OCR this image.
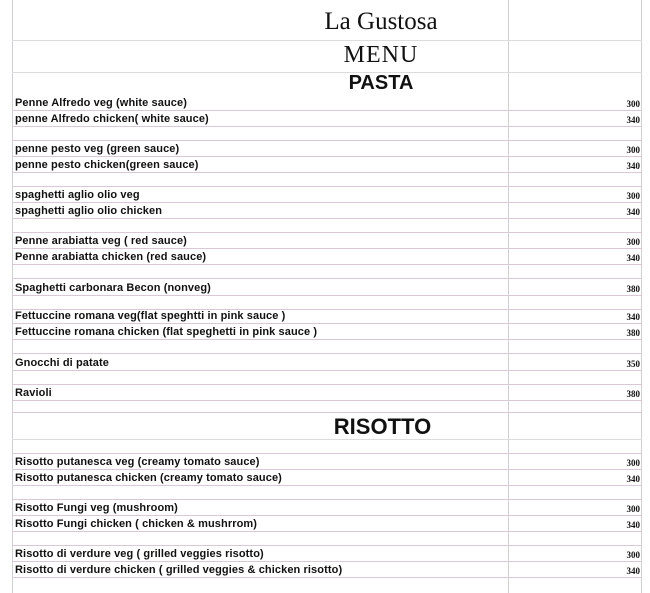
La Gustosa
MENU
PASTA
Penne Alfredo veg (white sauce)	300
penne Alfredo chicken( white sauce)	340
penne pesto veg (green sauce)	300
penne pesto chicken(green sauce)	340
spaghetti aglio olio veg	300
spaghetti aglio olio chicken	340
Penne arabiatta veg ( red sauce)	300
Penne arabiatta chicken (red sauce)	340
Spaghetti carbonara Becon (nonveg)	380
Fettuccine romana veg(flat speghtti in pink sauce )	340
Fettuccine romana chicken (flat speghetti in pink sauce )	380
Gnocchi di patate	350
Ravioli	380
RISOTTO
Risotto putanesca veg (creamy tomato sauce)	300
Risotto putanesca chicken (creamy tomato sauce)	340
Risotto Fungi veg (mushroom)	300
Risotto Fungi chicken ( chicken & mushrrom)	340
Risotto di verdure veg ( grilled veggies risotto)	300
Risotto di verdure chicken ( grilled veggies & chicken risotto)	340
